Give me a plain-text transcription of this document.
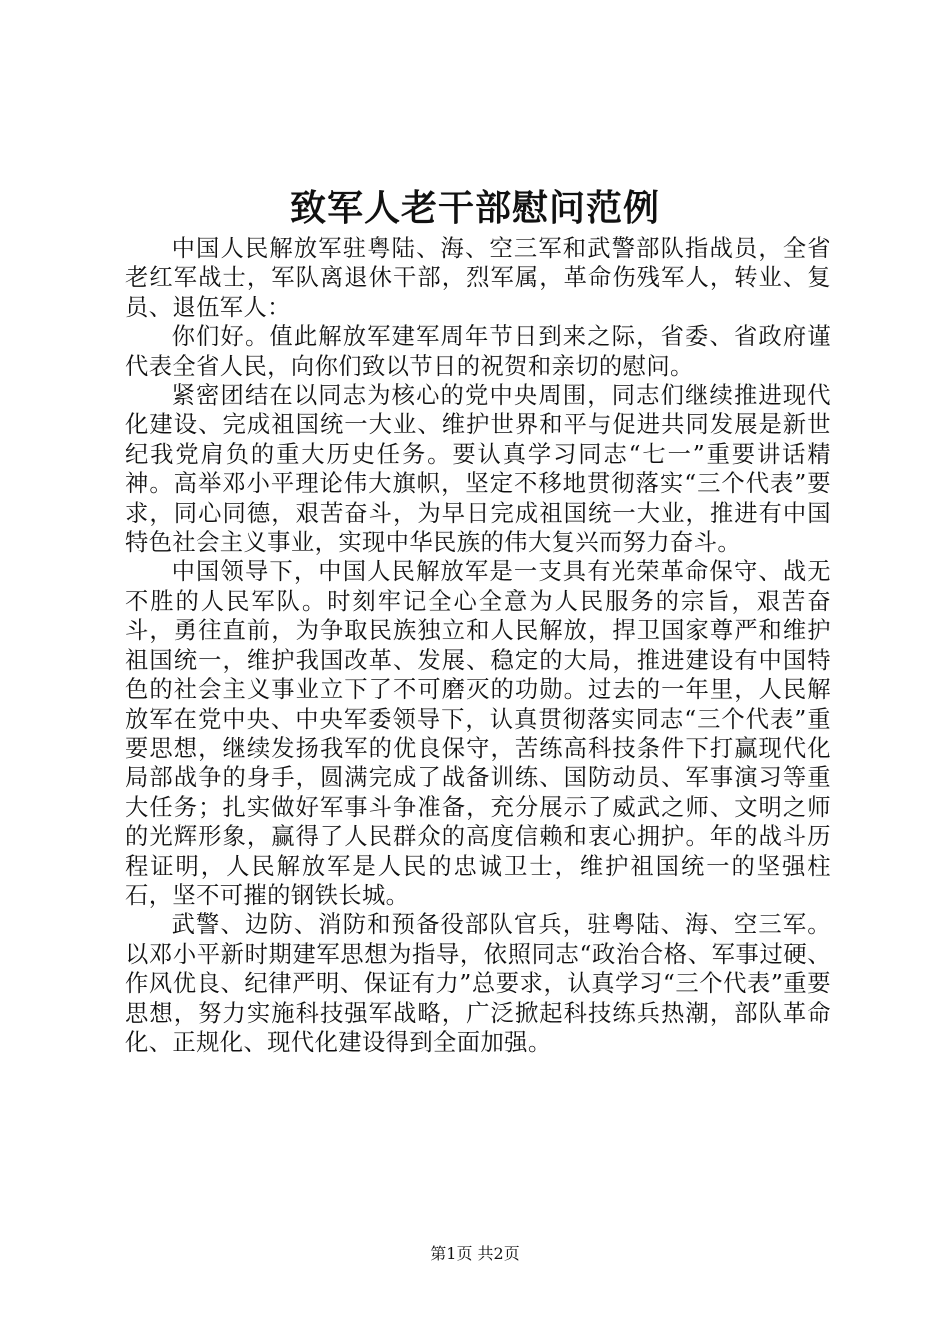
致军人老干部慰问范例

中国人民解放军驻粤陆、海、空三军和武警部队指战员，全省老红军战士，军队离退休干部，烈军属，革命伤残军人，转业、复员、退伍军人：

你们好。值此解放军建军周年节日到来之际，省委、省政府谨代表全省人民，向你们致以节日的祝贺和亲切的慰问。

紧密团结在以同志为核心的党中央周围，同志们继续推进现代化建设、完成祖国统一大业、维护世界和平与促进共同发展是新世纪我党肩负的重大历史任务。要认真学习同志“七一”重要讲话精神。高举邓小平理论伟大旗帜，坚定不移地贯彻落实“三个代表”要求，同心同德，艰苦奋斗，为早日完成祖国统一大业，推进有中国特色社会主义事业，实现中华民族的伟大复兴而努力奋斗。

中国领导下，中国人民解放军是一支具有光荣革命保守、战无不胜的人民军队。时刻牢记全心全意为人民服务的宗旨，艰苦奋斗，勇往直前，为争取民族独立和人民解放，捍卫国家尊严和维护祖国统一，维护我国改革、发展、稳定的大局，推进建设有中国特色的社会主义事业立下了不可磨灭的功勋。过去的一年里，人民解放军在党中央、中央军委领导下，认真贯彻落实同志“三个代表”重要思想，继续发扬我军的优良保守，苦练高科技条件下打赢现代化局部战争的身手，圆满完成了战备训练、国防动员、军事演习等重大任务；扎实做好军事斗争准备，充分展示了威武之师、文明之师的光辉形象，赢得了人民群众的高度信赖和衷心拥护。年的战斗历程证明，人民解放军是人民的忠诚卫士，维护祖国统一的坚强柱石，坚不可摧的钢铁长城。

武警、边防、消防和预备役部队官兵，驻粤陆、海、空三军。以邓小平新时期建军思想为指导，依照同志“政治合格、军事过硬、作风优良、纪律严明、保证有力”总要求，认真学习“三个代表”重要思想，努力实施科技强军战略，广泛掀起科技练兵热潮，部队革命化、正规化、现代化建设得到全面加强。

第1页 共2页
